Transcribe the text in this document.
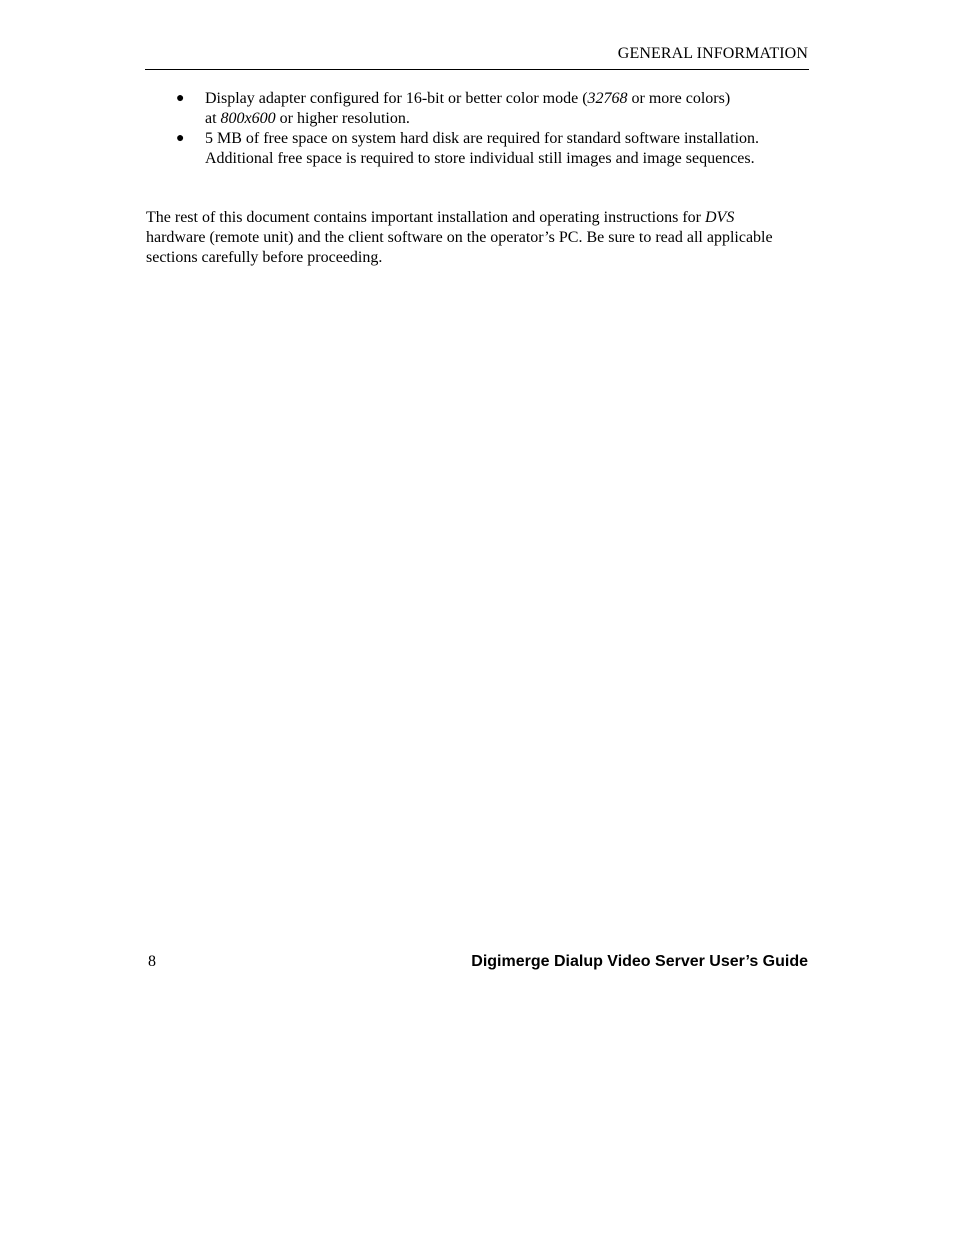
GENERAL INFORMATION
● Display adapter configured for 16-bit or better color mode (32768 or more colors)
at 800x600 or higher resolution.
● 5 MB of free space on system hard disk are required for standard software installation.
Additional free space is required to store individual still images and image sequences.

The rest of this document contains important installation and operating instructions for DVS hardware (remote unit) and the client software on the operator’s PC. Be sure to read all applicable sections carefully before proceeding.

8	Digimerge Dialup Video Server User’s Guide
